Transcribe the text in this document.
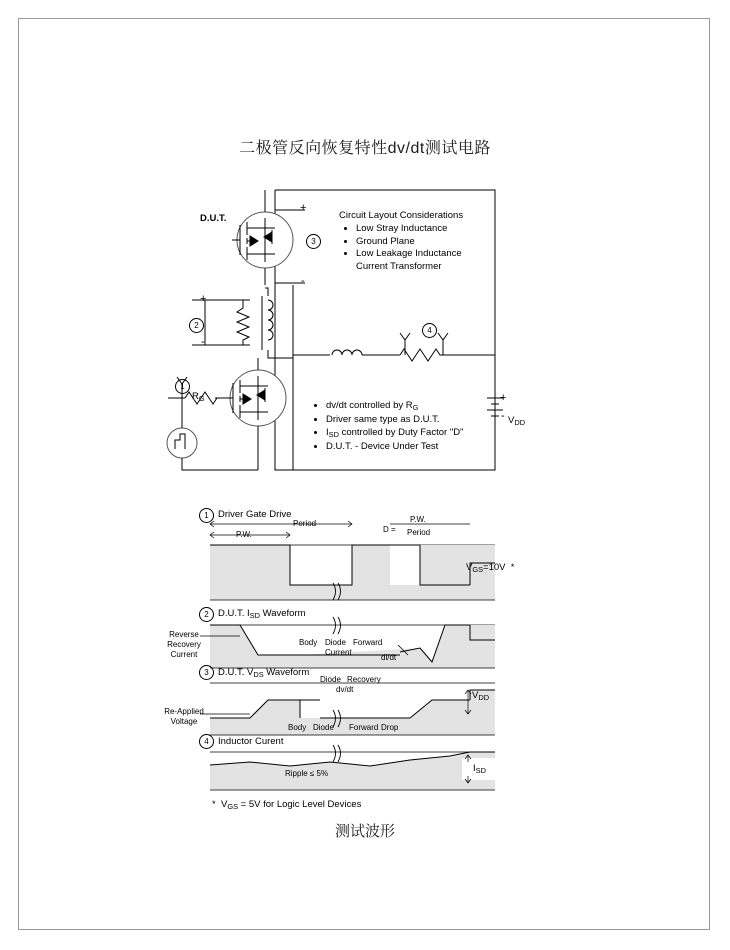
二极管反向恢复特性dv/dt测试电路
D.U.T.
+
-
+
-
+
-
Circuit Layout Considerations
• Low Stray Inductance
• Ground Plane
• Low Leakage Inductance
Current Transformer
• dv/dt controlled by $R_G$
• Driver same type as D.U.T.
• $I_{SD}$ controlled by Duty Factor "D"
• D.U.T. - Device Under Test
$R_G$
$V_{DD}$
1
2
3
4
1 Driver Gate Drive
P.W.
Period
D =
P.W.
Period
$V_{GS}=10V$  *
2 D.U.T. $I_{SD}$ Waveform
Reverse
Recovery
Current
Body Diode Forward
Current
di/dt
3 D.U.T. $V_{DS}$ Waveform
Re-Applied
Voltage
Diode Recovery
dv/dt
Body Diode Forward Drop
$V_{DD}$
4 Inductor Curent
Ripple ≤ 5%	$I_{SD}$
*  $V_{GS} = 5V$ for Logic Level Devices
测试波形
